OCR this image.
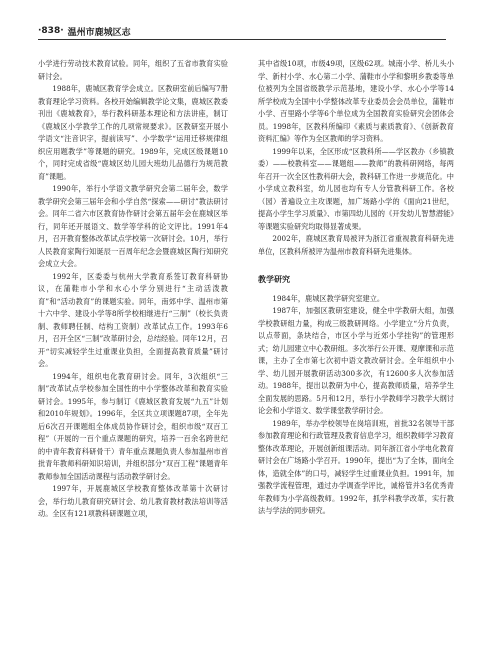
·838· 温州市鹿城区志

小学进行劳动技术教育试验。同年，组织了五省市教育实验研讨会。

1988年，鹿城区教育学会成立。区教研室前后编写7册教育理论学习资料。各校开始编辑教学论文集，鹿城区教委刊出《鹿城教育》，举行教科研基本理论和方法讲座，制订《鹿城区小学教学工作的几项常规要求》。区教研室开展小学语文“注音识字，提前读写”、小学数学“运用迁移规律组织应用题教学”等课题的研究。1989年，完成区级课题10个，同时完成省级“鹿城区幼儿园大班幼儿品德行为规范教育”课题。

1990年，举行小学语文教学研究会第二届年会，数学教学研究会第三届年会和小学自然“探索——研讨”教法研讨会。同年二省六市区教育协作研讨会第五届年会在鹿城区举行，同年还开展语文、数学等学科的论文评比。1991年4月，召开教育整体改革试点学校第一次研讨会。10月，举行人民教育家陶行知诞辰一百周年纪念会暨鹿城区陶行知研究会成立大会。

1992年，区委委与杭州大学教育系签订教育科研协议，在蒲鞋市小学和水心小学分别进行“主动活泼教育”和“活动教育”的课题实验。同年，南郊中学、温州市第十六中学、建设小学等8所学校相继进行“三制”（校长负责制、教师聘任制、结构工资制）改革试点工作。1993年6月，召开全区“三制”改革研讨会，总结经验。同年12月，召开“切实减轻学生过重课业负担，全面提高教育质量”研讨会。

1994年，组织电化教育研讨会。同年，3次组织“三制”改革试点学校参加全国性的中小学整体改革和教育实验研讨会。1995年，参与制订《鹿城区教育发展“九五”计划和2010年规划》。1996年，全区共立项课题87项，全年先后6次召开课题组全体成员协作研讨会，组织市级“双百工程”（开展的一百个重点课题的研究，培养一百余名跨世纪的中青年教育科研骨干）青年重点课题负责人参加温州市首批青年教师科研知识培训，并组织部分“双百工程”课题青年教师参加全国活动课程与活动教学研讨会。

1997年，开展鹿城区学校教育整体改革第十次研讨会，举行幼儿教育研究研讨会、幼儿教育教材教法培训等活动。全区有121项教科研课题立项，

其中省级10项，市级49项，区级62项。城南小学、桥儿头小学、新村小学、水心第二小学、蒲鞋市小学和黎明乡教委等单位被列为全国省级教学示范基地，建设小学、水心小学等14所学校成为全国中小学整体改革专业委员会会员单位，蒲鞋市小学、百里路小学等6个单位成为全国教育实验研究会团体会员。1998年，区教科所编印《素质与素质教育》、《创新教育资料汇编》等作为全区教师的学习资料。

1999年以来，全区形成“区教科所——学区教办（乡镇教委）——校教科室——课题组——教师”的教科研网络，每两年召开一次全区性教科研大会，教科研工作进一步规范化。中小学成立教科室，幼儿园也均有专人分管教科研工作。各校（园）普遍设立主攻课题，加广场路小学的《面向21世纪，提高小学生学习质量》、市第四幼儿园的《开发幼儿智慧潜能》等课题实验研究均取得显著成果。

2002年，鹿城区教育局被评为浙江省重视教育科研先进单位，区教科所被评为温州市教育科研先进集体。

教学研究

1984年，鹿城区教学研究室建立。

1987年，加强区教研室建设，健全中学教研大组，加强学校教研组力量，构成三级教研网络。小学建立“分片负责，以点带面，条块结合，市区小学与近郊小学挂钩”的管理形式；幼儿园建立中心教研组。多次举行公开课、观摩课和示范课，主办了全市第七次初中语文教改研讨会。全年组织中小学、幼儿园开展教研活动300多次，有12600多人次参加活动。1988年，提出以教研为中心，提高教师质量，培养学生全面发展的思路。5月和12月，举行小学教师学习教学大纲讨论会和小学语文、数学课堂教学研讨会。

1989年，举办学校领导在岗培训班，首批32名领导干部参加教育理论和行政管理及教育信息学习，组织教师学习教育整体改革理论，开展创新组课活动。同年浙江省小学电化教育研讨会在广场路小学召开。1990年，提出“为了全体，面向全体，造就全体”的口号，减轻学生过重课业负担。1991年，加强教学流程管理，通过办学调查学评比，诚格管并3名优秀青年教师为小学高级教师。1992年，抓学科教学改革，实行教法与学法的同步研究。
